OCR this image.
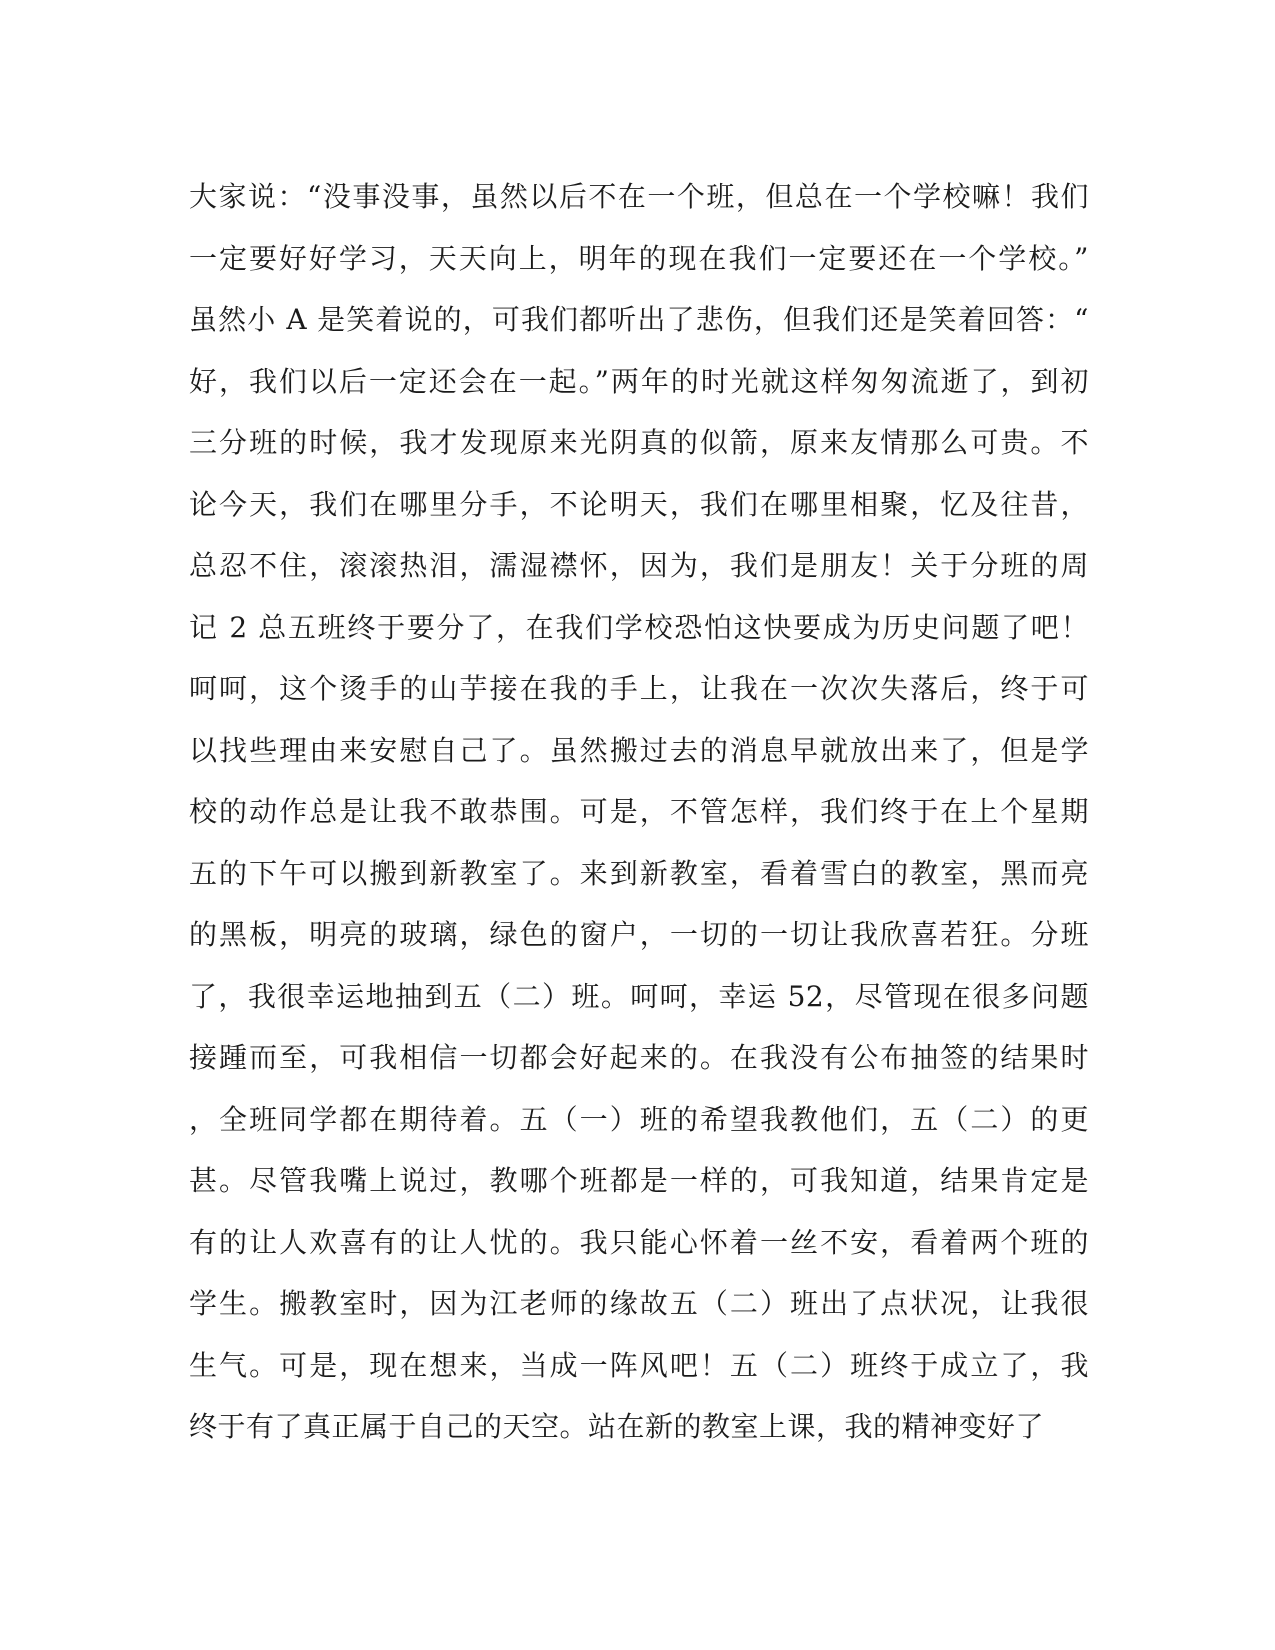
大家说：“没事没事，虽然以后不在一个班，但总在一个学校嘛！我们
一定要好好学习，天天向上，明年的现在我们一定要还在一个学校。”
虽然小 A 是笑着说的，可我们都听出了悲伤，但我们还是笑着回答：“
好，我们以后一定还会在一起。”两年的时光就这样匆匆流逝了，到初
三分班的时候，我才发现原来光阴真的似箭，原来友情那么可贵。不
论今天，我们在哪里分手，不论明天，我们在哪里相聚，忆及往昔，
总忍不住，滚滚热泪，濡湿襟怀，因为，我们是朋友！关于分班的周
记 2 总五班终于要分了，在我们学校恐怕这快要成为历史问题了吧！
呵呵，这个烫手的山芋接在我的手上，让我在一次次失落后，终于可
以找些理由来安慰自己了。虽然搬过去的消息早就放出来了，但是学
校的动作总是让我不敢恭围。可是，不管怎样，我们终于在上个星期
五的下午可以搬到新教室了。来到新教室，看着雪白的教室，黑而亮
的黑板，明亮的玻璃，绿色的窗户，一切的一切让我欣喜若狂。分班
了，我很幸运地抽到五（二）班。呵呵，幸运 52，尽管现在很多问题
接踵而至，可我相信一切都会好起来的。在我没有公布抽签的结果时
，全班同学都在期待着。五（一）班的希望我教他们，五（二）的更
甚。尽管我嘴上说过，教哪个班都是一样的，可我知道，结果肯定是
有的让人欢喜有的让人忧的。我只能心怀着一丝不安，看着两个班的
学生。搬教室时，因为江老师的缘故五（二）班出了点状况，让我很
生气。可是，现在想来，当成一阵风吧！五（二）班终于成立了，我
终于有了真正属于自己的天空。站在新的教室上课，我的精神变好了
